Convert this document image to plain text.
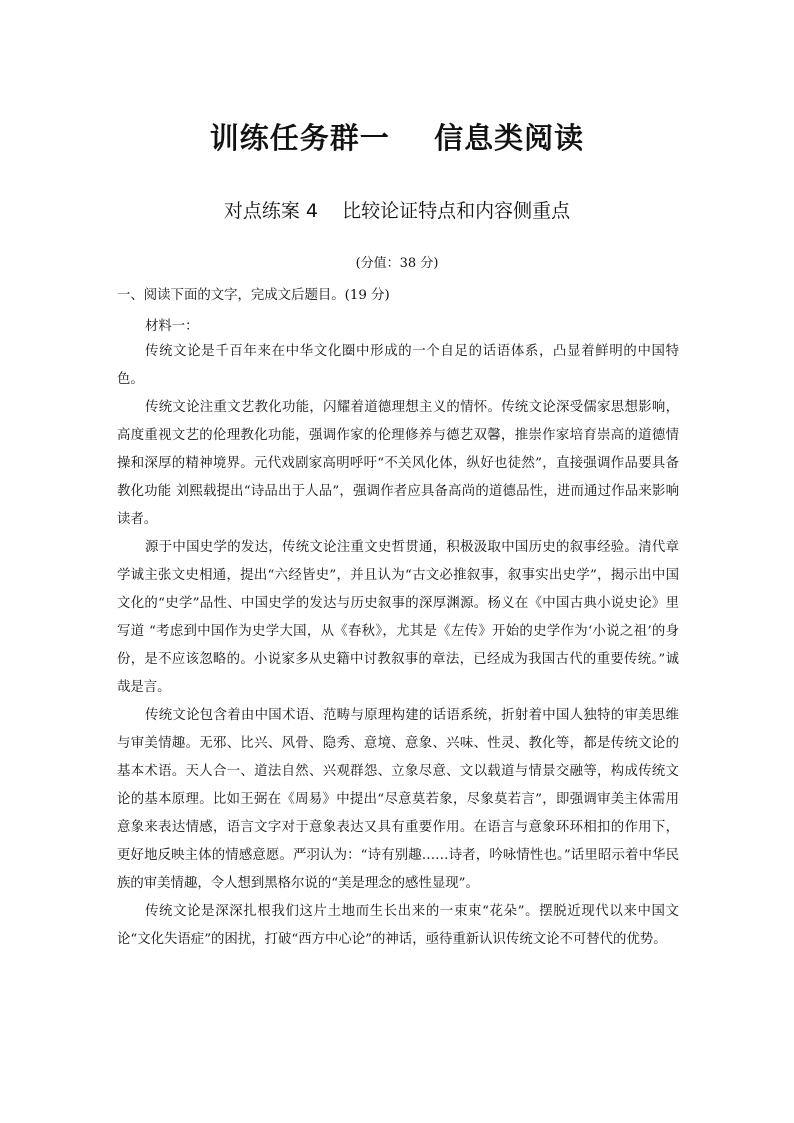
训练任务群一    信息类阅读
对点练案 4    比较论证特点和内容侧重点
(分值：38 分)

一、阅读下面的文字，完成文后题目。(19 分)

材料一：

传统文论是千百年来在中华文化圈中形成的一个自足的话语体系，凸显着鲜明的中国特色。

传统文论注重文艺教化功能，闪耀着道德理想主义的情怀。传统文论深受儒家思想影响，高度重视文艺的伦理教化功能，强调作家的伦理修养与德艺双馨，推崇作家培育崇高的道德情操和深厚的精神境界。元代戏剧家高明呼吁“不关风化体，纵好也徒然”，直接强调作品要具备教化功能 刘熙载提出“诗品出于人品”，强调作者应具备高尚的道德品性，进而通过作品来影响读者。

源于中国史学的发达，传统文论注重文史哲贯通，积极汲取中国历史的叙事经验。清代章学诚主张文史相通，提出“六经皆史”，并且认为“古文必推叙事，叙事实出史学”，揭示出中国文化的“史学”品性、中国史学的发达与历史叙事的深厚渊源。杨义在《中国古典小说史论》里写道 “考虑到中国作为史学大国，从《春秋》，尤其是《左传》开始的史学作为‘小说之祖’的身份，是不应该忽略的。小说家多从史籍中讨教叙事的章法，已经成为我国古代的重要传统。”诚哉是言。

传统文论包含着由中国术语、范畴与原理构建的话语系统，折射着中国人独特的审美思维与审美情趣。无邪、比兴、风骨、隐秀、意境、意象、兴味、性灵、教化等，都是传统文论的基本术语。天人合一、道法自然、兴观群怨、立象尽意、文以载道与情景交融等，构成传统文论的基本原理。比如王弼在《周易》中提出“尽意莫若象，尽象莫若言”，即强调审美主体需用意象来表达情感，语言文字对于意象表达又具有重要作用。在语言与意象环环相扣的作用下，更好地反映主体的情感意愿。严羽认为：“诗有别趣……诗者，吟咏情性也。”话里昭示着中华民族的审美情趣，令人想到黑格尔说的“美是理念的感性显现”。

传统文论是深深扎根我们这片土地而生长出来的一束束“花朵”。摆脱近现代以来中国文论“文化失语症”的困扰，打破“西方中心论”的神话，亟待重新认识传统文论不可替代的优势。
